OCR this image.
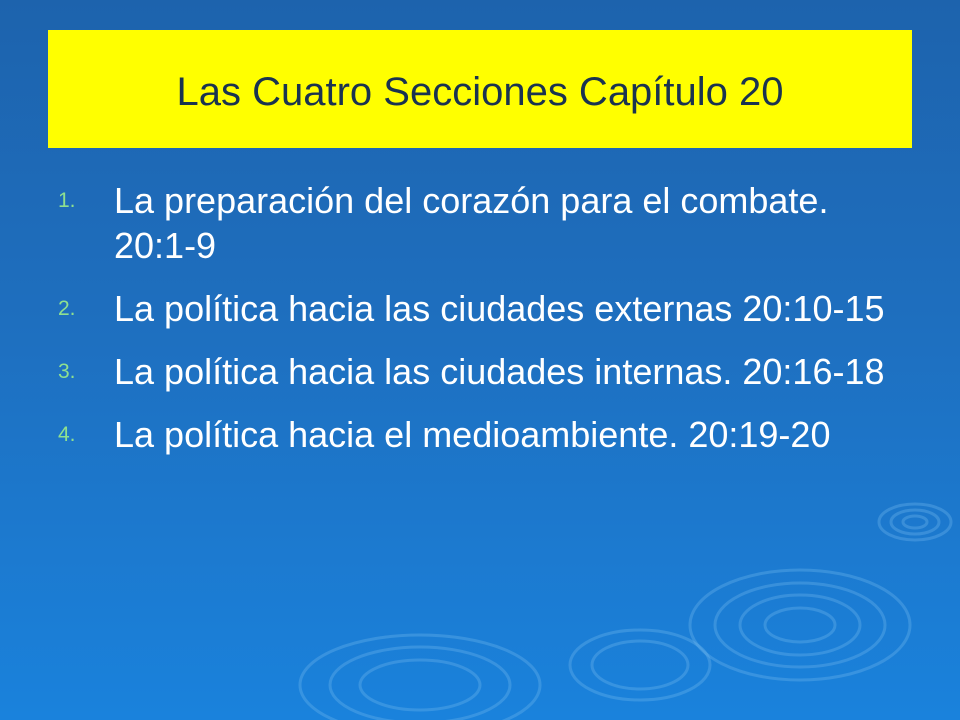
Las Cuatro Secciones Capítulo 20
1. La preparación del corazón para el combate. 20:1-9
2. La política hacia las ciudades externas 20:10-15
3. La política hacia las ciudades internas. 20:16-18
4. La política hacia el medioambiente. 20:19-20
